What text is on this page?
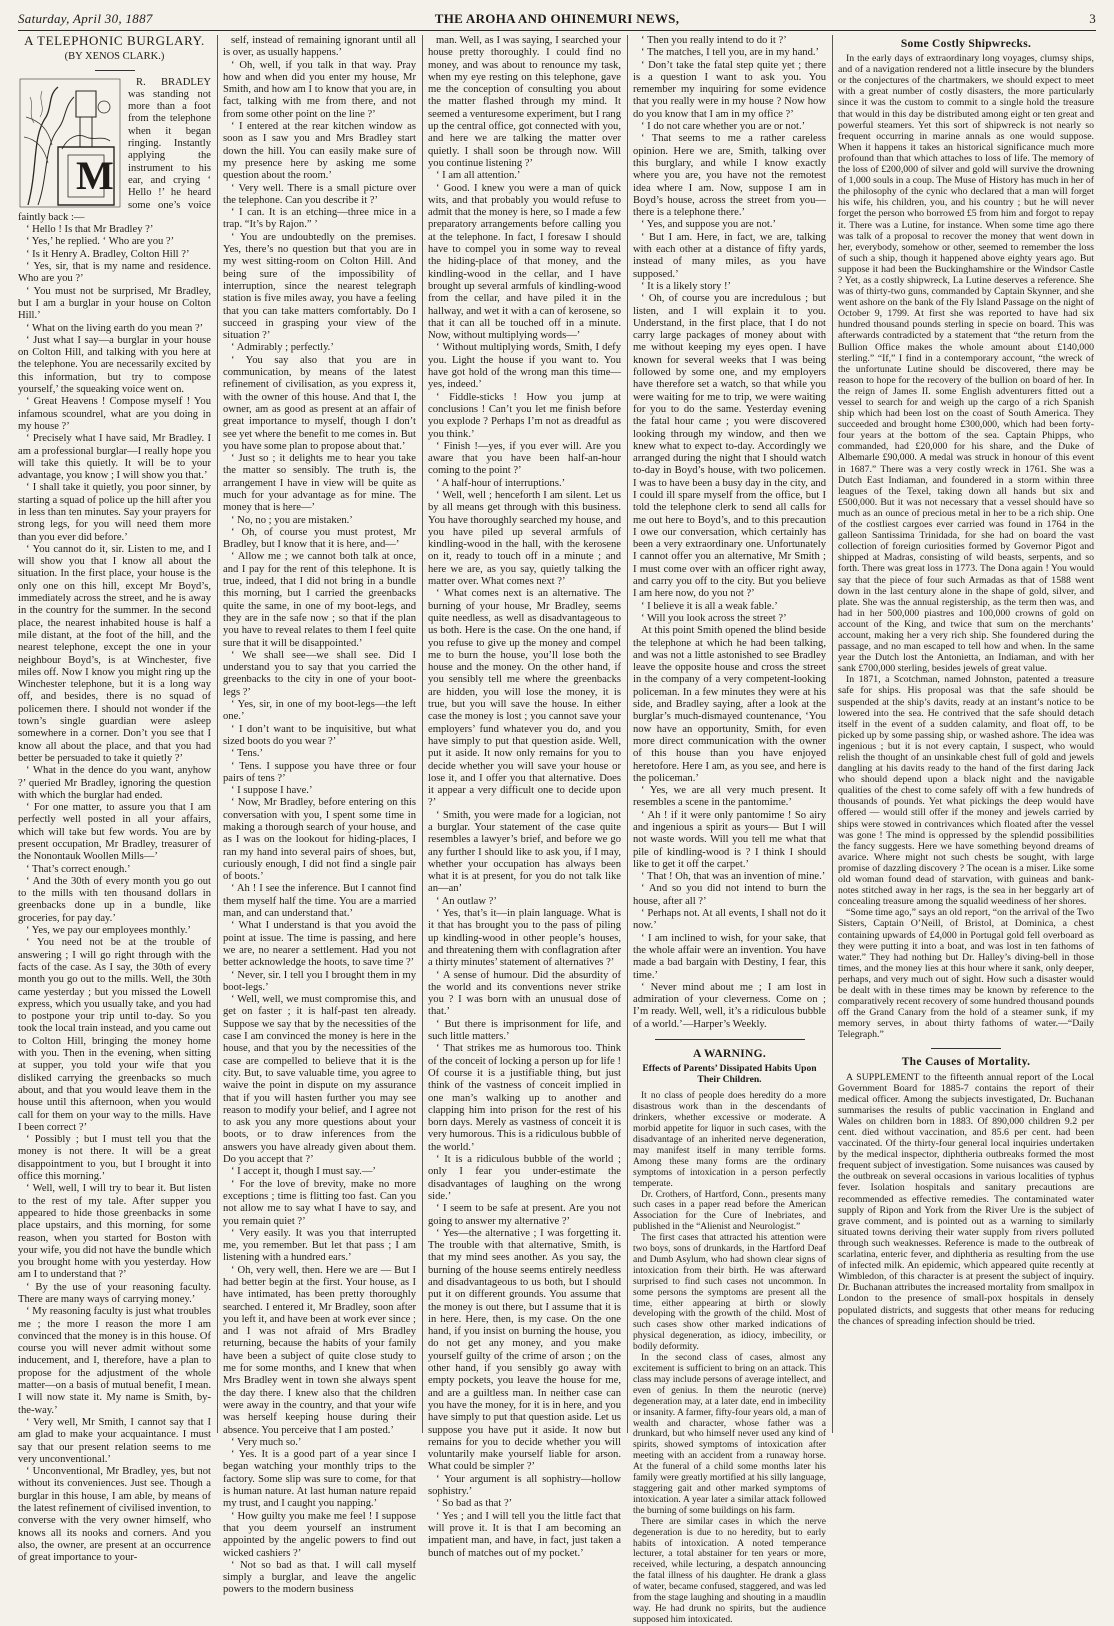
Saturday, April 30, 1887	THE AROHA AND OHINEMURI NEWS,	3
A TELEPHONIC BURGLARY.
(BY XENOS CLARK.)
M

R. BRADLEY was standing not more than a foot from the telephone when it began ringing. Instantly applying the instrument to his ear, and crying ‘ Hello !’ he heard some one’s voice faintly back :—

‘ Hello ! Is that Mr Bradley ?’

‘ Yes,’ he replied. ‘ Who are you ?’

‘ Is it Henry A. Bradley, Colton Hill ?’

‘ Yes, sir, that is my name and residence. Who are you ?’

‘ You must not be surprised, Mr Bradley, but I am a burglar in your house on Colton Hill.’

‘ What on the living earth do you mean ?’

‘ Just what I say—a burglar in your house on Colton Hill, and talking with you here at the telephone. You are necessarily excited by this information, but try to compose yourself,’ the squeaking voice went on.

‘ Great Heavens ! Compose myself ! You infamous scoundrel, what are you doing in my house ?’

‘ Precisely what I have said, Mr Bradley. I am a professional burglar—I really hope you will take this quietly. It will be to your advantage, you know ; I will show you that.’

‘ I shall take it quietly, you poor sinner, by starting a squad of police up the hill after you in less than ten minutes. Say your prayers for strong legs, for you will need them more than you ever did before.’

‘ You cannot do it, sir. Listen to me, and I will show you that I know all about the situation. In the first place, your house is the only one on this hill, except Mr Boyd’s, immediately across the street, and he is away in the country for the summer. In the second place, the nearest inhabited house is half a mile distant, at the foot of the hill, and the nearest telephone, except the one in your neighbour Boyd’s, is at Winchester, five miles off. Now I know you might ring up the Winchester telephone, but it is a long way off, and besides, there is no squad of policemen there. I should not wonder if the town’s single guardian were asleep somewhere in a corner. Don’t you see that I know all about the place, and that you had better be persuaded to take it quietly ?’

‘ What in the dence do you want, anyhow ?’ queried Mr Bradley, ignoring the question with which the burglar had ended.

‘ For one matter, to assure you that I am perfectly well posted in all your affairs, which will take but few words. You are by present occupation, Mr Bradley, treasurer of the Nonontauk Woollen Mills—’

‘ That’s correct enough.’

‘ And the 30th of every month you go out to the mills with ten thousand dollars in greenbacks done up in a bundle, like groceries, for pay day.’

‘ Yes, we pay our employees monthly.’

‘ You need not be at the trouble of answering ; I will go right through with the facts of the case. As I say, the 30th of every month you go out to the mills. Well, the 30th came yesterday ; but you missed the Lowell express, which you usually take, and you had to postpone your trip until to-day. So you took the local train instead, and you came out to Colton Hill, bringing the money home with you. Then in the evening, when sitting at supper, you told your wife that you disliked carrying the greenbacks so much about, and that you would leave them in the house until this afternoon, when you would call for them on your way to the mills. Have I been correct ?’

‘ Possibly ; but I must tell you that the money is not there. It will be a great disappointment to you, but I brought it into office this morning.’

‘ Well, well, I will try to bear it. But listen to the rest of my tale. After supper you appeared to hide those greenbacks in some place upstairs, and this morning, for some reason, when you started for Boston with your wife, you did not have the bundle which you brought home with you yesterday. How am I to understand that ?’

‘ By the use of your reasoning faculty. There are many ways of carrying money.’

‘ My reasoning faculty is just what troubles me ; the more I reason the more I am convinced that the money is in this house. Of course you will never admit without some inducement, and I, therefore, have a plan to propose for the adjustment of the whole matter—on a basis of mutual benefit, I mean. I will now state it. My name is Smith, by-the-way.’

‘ Very well, Mr Smith, I cannot say that I am glad to make your acquaintance. I must say that our present relation seems to me very unconventional.’

‘ Unconventional, Mr Bradley, yes, but not without its conveniences. Just see. Though a burglar in this house, I am able, by means of the latest refinement of civilised invention, to converse with the very owner himself, who knows all its nooks and corners. And you also, the owner, are present at an occurrence of great importance to your-

self, instead of remaining ignorant until all is over, as usually happens.’

‘ Oh, well, if you talk in that way. Pray how and when did you enter my house, Mr Smith, and how am I to know that you are, in fact, talking with me from there, and not from some other point on the line ?’

‘ I entered at the rear kitchen window as soon as I saw you and Mrs Bradley start down the hill. You can easily make sure of my presence here by asking me some question about the room.’

‘ Very well. There is a small picture over the telephone. Can you describe it ?’

‘ I can. It is an etching—three mice in a trap. “It’s by Rajon.” ’

‘ You are undoubtedly on the premises. Yes, there’s no question but that you are in my west sitting-room on Colton Hill. And being sure of the impossibility of interruption, since the nearest telegraph station is five miles away, you have a feeling that you can take matters comfortably. Do I succeed in grasping your view of the situation ?’

‘ Admirably ; perfectly.’

‘ You say also that you are in communication, by means of the latest refinement of civilisation, as you express it, with the owner of this house. And that I, the owner, am as good as present at an affair of great importance to myself, though I don’t see yet where the benefit to me comes in. But you have some plan to propose about that.’

‘ Just so ; it delights me to hear you take the matter so sensibly. The truth is, the arrangement I have in view will be quite as much for your advantage as for mine. The money that is here—’

‘ No, no ; you are mistaken.’

‘ Oh, of course you must protest, Mr Bradley, but I know that it is here, and—’

‘ Allow me ; we cannot both talk at once, and I pay for the rent of this telephone. It is true, indeed, that I did not bring in a bundle this morning, but I carried the greenbacks quite the same, in one of my boot-legs, and they are in the safe now ; so that if the plan you have to reveal relates to them I feel quite sure that it will be disappointed.’

‘ We shall see—we shall see. Did I understand you to say that you carried the greenbacks to the city in one of your boot-legs ?’

‘ Yes, sir, in one of my boot-legs—the left one.’

‘ I don’t want to be inquisitive, but what sized boots do you wear ?’

‘ Tens.’

‘ Tens. I suppose you have three or four pairs of tens ?’

‘ I suppose I have.’

‘ Now, Mr Bradley, before entering on this conversation with you, I spent some time in making a thorough search of your house, and as I was on the lookout for hiding-places, I ran my hand into several pairs of shoes, but, curiously enough, I did not find a single pair of boots.’

‘ Ah ! I see the inference. But I cannot find them myself half the time. You are a married man, and can understand that.’

‘ What I understand is that you avoid the point at issue. The time is passing, and here we are, no nearer a settlement. Had you not better acknowledge the hoots, to save time ?’

‘ Never, sir. I tell you I brought them in my boot-legs.’

‘ Well, well, we must compromise this, and get on faster ; it is half-past ten already. Suppose we say that by the necessities of the case I am convinced the money is here in the house, and that you by the necessities of the case are compelled to believe that it is the city. But, to save valuable time, you agree to waive the point in dispute on my assurance that if you will hasten further you may see reason to modify your belief, and I agree not to ask you any more questions about your boots, or to draw inferences from the answers you have already given about them. Do you accept that ?’

‘ I accept it, though I must say.—’

‘ For the love of brevity, make no more exceptions ; time is flitting too fast. Can you not allow me to say what I have to say, and you remain quiet ?’

‘ Very easily. It was you that interrupted me, you remember. But let that pass ; I am listening with a hundred ears.’

‘ Oh, very well, then. Here we are — But I had better begin at the first. Your house, as I have intimated, has been pretty thoroughly searched. I entered it, Mr Bradley, soon after you left it, and have been at work ever since ; and I was not afraid of Mrs Bradley returning, because the habits of your family have been a subject of quite close study to me for some months, and I knew that when Mrs Bradley went in town she always spent the day there. I knew also that the children were away in the country, and that your wife was herself keeping house during their absence. You perceive that I am posted.’

‘ Very much so.’

‘ Yes. It is a good part of a year since I began watching your monthly trips to the factory. Some slip was sure to come, for that is human nature. At last human nature repaid my trust, and I caught you napping.’

‘ How guilty you make me feel ! I suppose that you deem yourself an instrument appointed by the angelic powers to find out wicked cashiers ?’

‘ Not so bad as that. I will call myself simply a burglar, and leave the angelic powers to the modern business

man. Well, as I was saying, I searched your house pretty thoroughly. I could find no money, and was about to renounce my task, when my eye resting on this telephone, gave me the conception of consulting you about the matter flashed through my mind. It seemed a venturesome experiment, but I rang up the central office, got connected with you, and here we are talking the matter over quietly. I shall soon be through now. Will you continue listening ?’

‘ I am all attention.’

‘ Good. I knew you were a man of quick wits, and that probably you would refuse to admit that the money is here, so I made a few preparatory arrangements before calling you at the telephone. In fact, I foresaw I should have to compel you in some way to reveal the hiding-place of that money, and the kindling-wood in the cellar, and I have brought up several armfuls of kindling-wood from the cellar, and have piled it in the hallway, and wet it with a can of kerosene, so that it can all be touched off in a minute. Now, without multiplying words—’

‘ Without multiplying words, Smith, I defy you. Light the house if you want to. You have got hold of the wrong man this time—yes, indeed.’

‘ Fiddle-sticks ! How you jump at conclusions ! Can’t you let me finish before you explode ? Perhaps I’m not as dreadful as you think.’

‘ Finish !—yes, if you ever will. Are you aware that you have been half-an-hour coming to the point ?’

‘ A half-hour of interruptions.’

‘ Well, well ; henceforth I am silent. Let us by all means get through with this business. You have thoroughly searched my house, and you have piled up several armfuls of kindling-wood in the hall, with the kerosene on it, ready to touch off in a minute ; and here we are, as you say, quietly talking the matter over. What comes next ?’

‘ What comes next is an alternative. The burning of your house, Mr Bradley, seems quite needless, as well as disadvantageous to us both. Here is the case. On the one hand, if you refuse to give up the money and compel me to burn the house, you’ll lose both the house and the money. On the other hand, if you sensibly tell me where the greenbacks are hidden, you will lose the money, it is true, but you will save the house. In either case the money is lost ; you cannot save your employers’ fund whatever you do, and you have simply to put that question aside. Well, put it aside. It now only remains for you to decide whether you will save your house or lose it, and I offer you that alternative. Does it appear a very difficult one to decide upon ?’

‘ Smith, you were made for a logician, not a burglar. Your statement of the case quite resembles a lawyer’s brief, and before we go any further I should like to ask you, if I may, whether your occupation has always been what it is at present, for you do not talk like an—an’

‘ An outlaw ?’

‘ Yes, that’s it—in plain language. What is it that has brought you to the pass of piling up kindling-wood in other people’s houses, and threatening them with conflagration after a thirty minutes’ statement of alternatives ?’

‘ A sense of humour. Did the absurdity of the world and its conventions never strike you ? I was born with an unusual dose of that.’

‘ But there is imprisonment for life, and such little matters.’

‘ That strikes me as humorous too. Think of the conceit of locking a person up for life ! Of course it is a justifiable thing, but just think of the vastness of conceit implied in one man’s walking up to another and clapping him into prison for the rest of his born days. Merely as vastness of conceit it is very humorous. This is a ridiculous bubble of the world.’

‘ It is a ridiculous bubble of the world ; only I fear you under-estimate the disadvantages of laughing on the wrong side.’

‘ I seem to be safe at present. Are you not going to answer my alternative ?’

‘ Yes—the alternative ; I was forgetting it. The trouble with that alternative, Smith, is that my mind sees another. As you say, the burning of the house seems entirely needless and disadvantageous to us both, but I should put it on different grounds. You assume that the money is out there, but I assume that it is in here. Here, then, is my case. On the one hand, if you insist on burning the house, you do not get any money, and you make yourself guilty of the crime of arson ; on the other hand, if you sensibly go away with empty pockets, you leave the house for me, and are a guiltless man. In neither case can you have the money, for it is in here, and you have simply to put that question aside. Let us suppose you have put it aside. It now but remains for you to decide whether you will voluntarily make yourself liable for arson. What could be simpler ?’

‘ Your argument is all sophistry—hollow sophistry.’

‘ So bad as that ?’

‘ Yes ; and I will tell you the little fact that will prove it. It is that I am becoming an impatient man, and have, in fact, just taken a bunch of matches out of my pocket.’

‘ Then you really intend to do it ?’

‘ The matches, I tell you, are in my hand.’

‘ Don’t take the fatal step quite yet ; there is a question I want to ask you. You remember my inquiring for some evidence that you really were in my house ? Now how do you know that I am in my office ?’

‘ I do not care whether you are or not.’

‘ That seems to me a rather careless opinion. Here we are, Smith, talking over this burglary, and while I know exactly where you are, you have not the remotest idea where I am. Now, suppose I am in Boyd’s house, across the street from you—there is a telephone there.’

‘ Yes, and suppose you are not.’

‘ But I am. Here, in fact, we are, talking with each other at a distance of fifty yards, instead of many miles, as you have supposed.’

‘ It is a likely story !’

‘ Oh, of course you are incredulous ; but listen, and I will explain it to you. Understand, in the first place, that I do not carry large packages of money about with me without keeping my eyes open. I have known for several weeks that I was being followed by some one, and my employers have therefore set a watch, so that while you were waiting for me to trip, we were waiting for you to do the same. Yesterday evening the fatal hour came ; you were discovered looking through my window, and then we knew what to expect to-day. Accordingly we arranged during the night that I should watch to-day in Boyd’s house, with two policemen. I was to have been a busy day in the city, and I could ill spare myself from the office, but I told the telephone clerk to send all calls for me out here to Boyd’s, and to this precaution I owe our conversation, which certainly has been a very extraordinary one. Unfortunately I cannot offer you an alternative, Mr Smith ; I must come over with an officer right away, and carry you off to the city. But you believe I am here now, do you not ?’

‘ I believe it is all a weak fable.’

‘ Will you look across the street ?’

At this point Smith opened the blind beside the telephone at which he had been talking, and was not a little astonished to see Bradley leave the opposite house and cross the street in the company of a very competent-looking policeman. In a few minutes they were at his side, and Bradley saying, after a look at the burglar’s much-dismayed countenance, ‘You now have an opportunity, Smith, for even more direct communication with the owner of this house than you have enjoyed heretofore. Here I am, as you see, and here is the policeman.’

‘ Yes, we are all very much present. It resembles a scene in the pantomime.’

‘ Ah ! if it were only pantomime ! So airy and ingenious a spirit as yours— But I will not waste words. Will you tell me what that pile of kindling-wood is ? I think I should like to get it off the carpet.’

‘ That ! Oh, that was an invention of mine.’

‘ And so you did not intend to burn the house, after all ?’

‘ Perhaps not. At all events, I shall not do it now.’

‘ I am inclined to wish, for your sake, that the whole affair were an invention. You have made a bad bargain with Destiny, I fear, this time.’

‘ Never mind about me ; I am lost in admiration of your cleverness. Come on ; I’m ready. Well, well, it’s a ridiculous bubble of a world.’—Harper’s Weekly.

A WARNING.
Effects of Parents’ Dissipated Habits Upon Their Children.

It no class of people does heredity do a more disastrous work than in the descendants of drinkers, whether excessive or moderate. A morbid appetite for liquor in such cases, with the disadvantage of an inherited nerve degeneration, may manifest itself in many terrible forms. Among these many forms are the ordinary symptoms of intoxication in a person perfectly temperate.

Dr. Crothers, of Hartford, Conn., presents many such cases in a paper read before the American Association for the Cure of Inebriates, and published in the “Alienist and Neurologist.”

The first cases that attracted his attention were two boys, sons of drunkards, in the Hartford Deaf and Dumb Asylum, who had shown clear signs of intoxication from their birth. He was afterward surprised to find such cases not uncommon. In some persons the symptoms are present all the time, either appearing at birth or slowly developing with the growth of the child. Most of such cases show other marked indications of physical degeneration, as idiocy, imbecility, or bodily deformity.

In the second class of cases, almost any excitement is sufficient to bring on an attack. This class may include persons of average intellect, and even of genius. In them the neurotic (nerve) degeneration may, at a later date, end in imbecility or insanity. A farmer, fifty-four years old, a man of wealth and character, whose father was a drunkard, but who himself never used any kind of spirits, showed symptoms of intoxication after meeting with an accident from a runaway horse. At the funeral of a child some months later his family were greatly mortified at his silly language, staggering gait and other marked symptoms of intoxication. A year later a similar attack followed the burning of some buildings on his farm.

There are similar cases in which the nerve degeneration is due to no heredity, but to early habits of intoxication. A noted temperance lecturer, a total abstainer for ten years or more, received, while lecturing, a despatch announcing the fatal illness of his daughter. He drank a glass of water, became confused, staggered, and was led from the stage laughing and shouting in a maudlin way. He had drunk no spirits, but the audience supposed him intoxicated.

Some Costly Shipwrecks.

In the early days of extraordinary long voyages, clumsy ships, and of a navigation rendered not a little insecure by the blunders or the conjectures of the chartmakers, we should expect to meet with a great number of costly disasters, the more particularly since it was the custom to commit to a single hold the treasure that would in this day be distributed among eight or ten great and powerful steamers. Yet this sort of shipwreck is not nearly so frequent occurring in marine annals as one would suppose. When it happens it takes an historical significance much more profound than that which attaches to loss of life. The memory of the loss of £200,000 of silver and gold will survive the drowning of 1,000 souls in a coup. The Muse of History has much in her of the philosophy of the cynic who declared that a man will forget his wife, his children, you, and his country ; but he will never forget the person who borrowed £5 from him and forgot to repay it. There was a Lutine, for instance. When some time ago there was talk of a proposal to recover the money that went down in her, everybody, somehow or other, seemed to remember the loss of such a ship, though it happened above eighty years ago. But suppose it had been the Buckinghamshire or the Windsor Castle ? Yet, as a costly shipwreck, La Lutine deserves a reference. She was of thirty-two guns, commanded by Captain Skynner, and she went ashore on the bank of the Fly Island Passage on the night of October 9, 1799. At first she was reported to have had six hundred thousand pounds sterling in specie on board. This was afterwards contradicted by a statement that “the return from the Bullion Office makes the whole amount about £140,000 sterling.” “If,” I find in a contemporary account, “the wreck of the unfortunate Lutine should be discovered, there may be reason to hope for the recovery of the bullion on board of her. In the reign of James II. some English adventurers fitted out a vessel to search for and weigh up the cargo of a rich Spanish ship which had been lost on the coast of South America. They succeeded and brought home £300,000, which had been forty-four years at the bottom of the sea. Captain Phipps, who commanded, had £20,000 for his share, and the Duke of Albemarle £90,000. A medal was struck in honour of this event in 1687.” There was a very costly wreck in 1761. She was a Dutch East Indiaman, and foundered in a storm within three leagues of the Texel, taking down all hands but six and £500,000. But it was not necessary that a vessel should have so much as an ounce of precious metal in her to be a rich ship. One of the costliest cargoes ever carried was found in 1764 in the galleon Santissima Trinidada, for she had on board the vast collection of foreign curiosities formed by Governor Pigot and shipped at Madras, consisting of wild beasts, serpents, and so forth. There was great loss in 1773. The Dona again ! You would say that the piece of four such Armadas as that of 1588 went down in the last century alone in the shape of gold, silver, and plate. She was the annual registership, as the term then was, and had in her 500,000 piastres and 100,000 crowns of gold on account of the King, and twice that sum on the merchants’ account, making her a very rich ship. She foundered during the passage, and no man escaped to tell how and when. In the same year the Dutch lost the Antonietta, an Indiaman, and with her sank £700,000 sterling, besides jewels of great value.

In 1871, a Scotchman, named Johnston, patented a treasure safe for ships. His proposal was that the safe should be suspended at the ship’s davits, ready at an instant’s notice to be lowered into the sea. He contrived that the safe should detach itself in the event of a sudden calamity, and float off, to be picked up by some passing ship, or washed ashore. The idea was ingenious ; but it is not every captain, I suspect, who would relish the thought of an unsinkable chest full of gold and jewels dangling at his davits ready to the hand of the first daring Jack who should depend upon a black night and the navigable qualities of the chest to come safely off with a few hundreds of thousands of pounds. Yet what pickings the deep would have offered — would still offer if the money and jewels carried by ships were stowed in contrivances which floated after the vessel was gone ! The mind is oppressed by the splendid possibilities the fancy suggests. Here we have something beyond dreams of avarice. Where might not such chests be sought, with large promise of dazzling discovery ? The ocean is a miser. Like some old woman found dead of starvation, with guineas and bank-notes stitched away in her rags, is the sea in her beggarly art of concealing treasure among the squalid weediness of her shores.

“Some time ago,” says an old report, “on the arrival of the Two Sisters, Captain O’Neill, of Bristol, at Dominica, a chest containing upwards of £4,000 in Portugal gold fell overboard as they were putting it into a boat, and was lost in ten fathoms of water.” They had nothing but Dr. Halley’s diving-bell in those times, and the money lies at this hour where it sank, only deeper, perhaps, and very much out of sight. How such a disaster would be dealt with in these times may be known by reference to the comparatively recent recovery of some hundred thousand pounds off the Grand Canary from the hold of a steamer sunk, if my memory serves, in about thirty fathoms of water.—“Daily Telegraph.”

The Causes of Mortality.

A SUPPLEMENT to the fifteenth annual report of the Local Government Board for 1885-7 contains the report of their medical officer. Among the subjects investigated, Dr. Buchanan summarises the results of public vaccination in England and Wales on children born in 1883. Of 890,000 children 9.2 per cent. died without vaccination, and 85.6 per cent. had been vaccinated. Of the thirty-four general local inquiries undertaken by the medical inspector, diphtheria outbreaks formed the most frequent subject of investigation. Some nuisances was caused by the outbreak on several occasions in various localities of typhus fever. Isolation hospitals and sanitary precautions are recommended as effective remedies. The contaminated water supply of Ripon and York from the River Ure is the subject of grave comment, and is pointed out as a warning to similarly situated towns deriving their water supply from rivers polluted through such weaknesses. Reference is made to the outbreak of scarlatina, enteric fever, and diphtheria as resulting from the use of infected milk. An epidemic, which appeared quite recently at Wimbledon, of this character is at present the subject of inquiry. Dr. Buchanan attributes the increased mortality from smallpox in London to the presence of small-pox hospitals in densely populated districts, and suggests that other means for reducing the chances of spreading infection should be tried.
